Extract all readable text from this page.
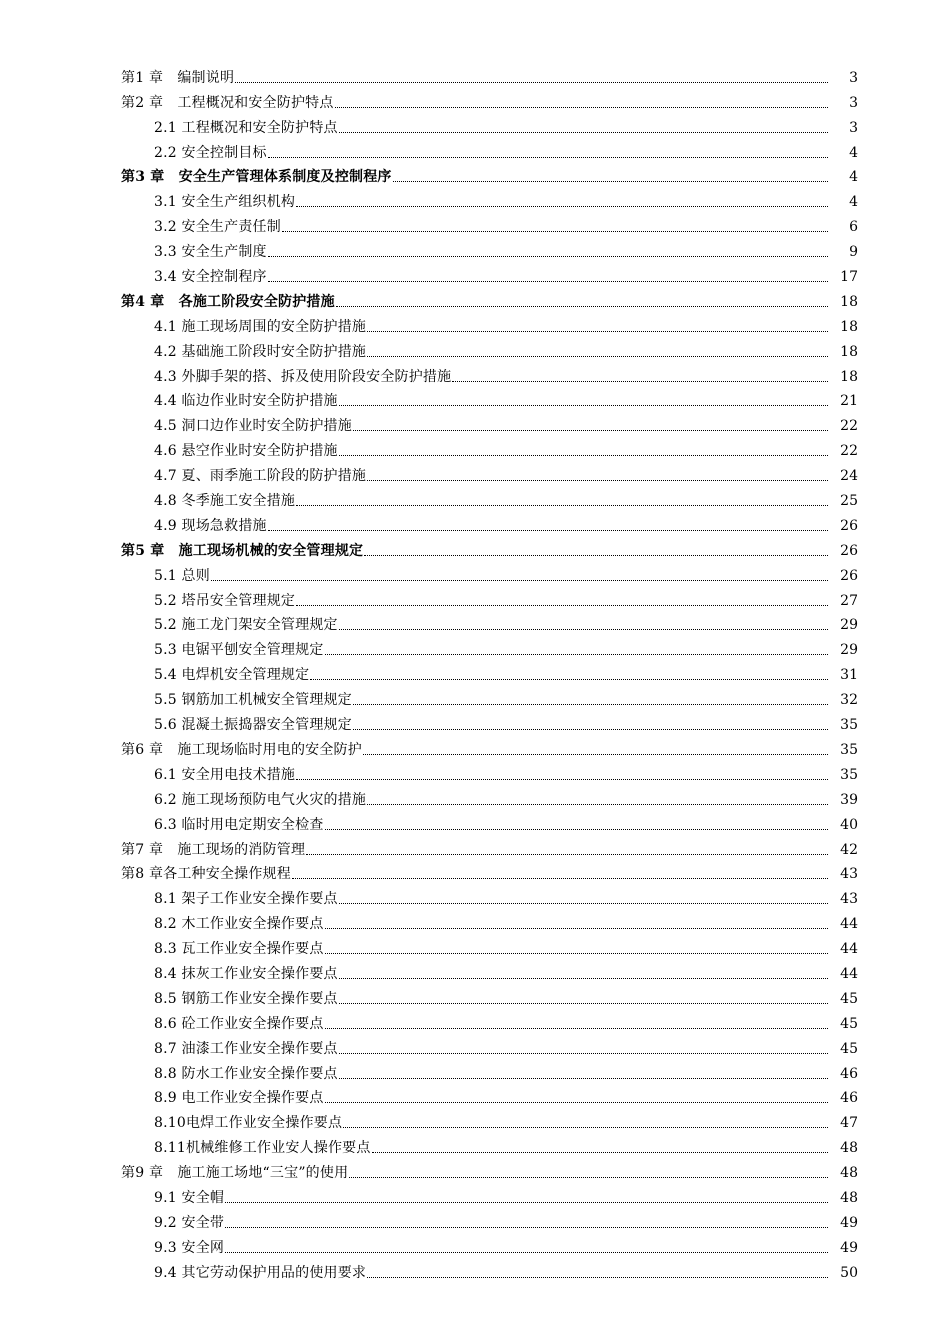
第1 章　编制说明	3
第2 章　工程概况和安全防护特点	3
2.1 工程概况和安全防护特点	3
2.2 安全控制目标	4
第3 章　安全生产管理体系制度及控制程序	4
3.1 安全生产组织机构	4
3.2 安全生产责任制	6
3.3 安全生产制度	9
3.4 安全控制程序	17
第4 章　各施工阶段安全防护措施	18
4.1 施工现场周围的安全防护措施	18
4.2 基础施工阶段时安全防护措施	18
4.3 外脚手架的搭、拆及使用阶段安全防护措施	18
4.4 临边作业时安全防护措施	21
4.5 洞口边作业时安全防护措施	22
4.6 悬空作业时安全防护措施	22
4.7 夏、雨季施工阶段的防护措施	24
4.8 冬季施工安全措施	25
4.9 现场急救措施	26
第5 章　施工现场机械的安全管理规定	26
5.1 总则	26
5.2 塔吊安全管理规定	27
5.2 施工龙门架安全管理规定	29
5.3 电锯平刨安全管理规定	29
5.4 电焊机安全管理规定	31
5.5 钢筋加工机械安全管理规定	32
5.6 混凝土振捣器安全管理规定	35
第6 章　施工现场临时用电的安全防护	35
6.1 安全用电技术措施	35
6.2 施工现场预防电气火灾的措施	39
6.3 临时用电定期安全检查	40
第7 章　施工现场的消防管理	42
第8 章各工种安全操作规程	43
8.1 架子工作业安全操作要点	43
8.2 木工作业安全操作要点	44
8.3 瓦工作业安全操作要点	44
8.4 抹灰工作业安全操作要点	44
8.5 钢筋工作业安全操作要点	45
8.6 砼工作业安全操作要点	45
8.7 油漆工作业安全操作要点	45
8.8 防水工作业安全操作要点	46
8.9 电工作业安全操作要点	46
8.10电焊工作业安全操作要点	47
8.11机械维修工作业安人操作要点	48
第9 章　施工施工场地“三宝”的使用	48
9.1 安全帽	48
9.2 安全带	49
9.3 安全网	49
9.4 其它劳动保护用品的使用要求	50
